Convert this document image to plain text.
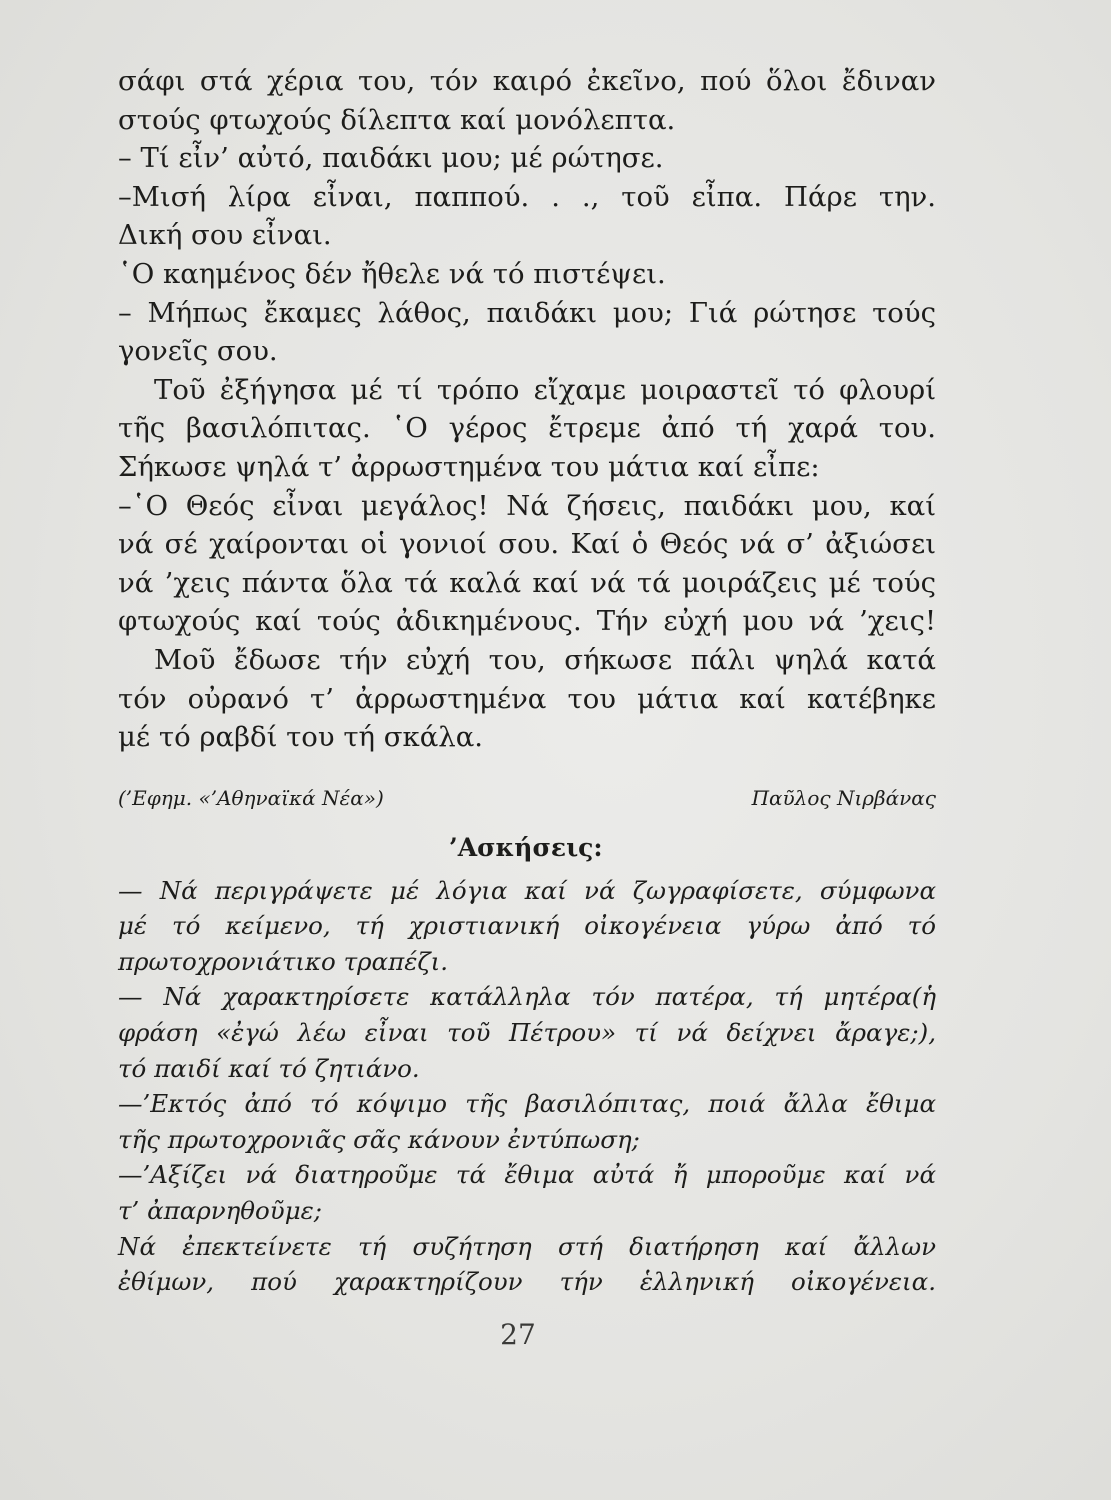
σάφι στά χέρια του, τόν καιρό ἐκεῖνο, πού ὅλοι ἔδιναν
στούς φτωχούς δίλεπτα καί μονόλεπτα.
– Τί εἶν’ αὐτό, παιδάκι μου; μέ ρώτησε.
–Μισή λίρα εἶναι, παππού. . ., τοῦ εἶπα. Πάρε την.
Δική σου εἶναι.
῾Ο καημένος δέν ἤθελε νά τό πιστέψει.
– Μήπως ἔκαμες λάθος, παιδάκι μου; Γιά ρώτησε τούς
γονεῖς σου.
Τοῦ ἐξήγησα μέ τί τρόπο εἴχαμε μοιραστεῖ τό φλουρί
τῆς βασιλόπιτας. ῾Ο γέρος ἔτρεμε ἀπό τή χαρά του.
Σήκωσε ψηλά τ’ ἀρρωστημένα του μάτια καί εἶπε:
–῾Ο Θεός εἶναι μεγάλος! Νά ζήσεις, παιδάκι μου, καί
νά σέ χαίρονται οἱ γονιοί σου. Καί ὁ Θεός νά σ’ ἀξιώσει
νά ’χεις πάντα ὅλα τά καλά καί νά τά μοιράζεις μέ τούς
φτωχούς καί τούς ἀδικημένους. Τήν εὐχή μου νά ’χεις!
Μοῦ ἔδωσε τήν εὐχή του, σήκωσε πάλι ψηλά κατά
τόν οὐρανό τ’ ἀρρωστημένα του μάτια καί κατέβηκε
μέ τό ραβδί του τή σκάλα.
(’Εφημ. «’Αθηναϊκά Νέα»)	Παῦλος Νιρβάνας
’Ασκήσεις:
— Νά περιγράψετε μέ λόγια καί νά ζωγραφίσετε, σύμφωνα
μέ τό κείμενο, τή χριστιανική οἰκογένεια γύρω ἀπό τό
πρωτοχρονιάτικο τραπέζι.
— Νά χαρακτηρίσετε κατάλληλα τόν πατέρα, τή μητέρα(ἡ
φράση «ἐγώ λέω εἶναι τοῦ Πέτρου» τί νά δείχνει ἄραγε;),
τό παιδί καί τό ζητιάνο.
—’Εκτός ἀπό τό κόψιμο τῆς βασιλόπιτας, ποιά ἄλλα ἔθιμα
τῆς πρωτοχρονιᾶς σᾶς κάνουν ἐντύπωση;
—’Αξίζει νά διατηροῦμε τά ἔθιμα αὐτά ἤ μποροῦμε καί νά
τ’ ἀπαρνηθοῦμε;
Νά ἐπεκτείνετε τή συζήτηση στή διατήρηση καί ἄλλων
ἐθίμων, πού χαρακτηρίζουν τήν ἑλληνική οἰκογένεια.
27
